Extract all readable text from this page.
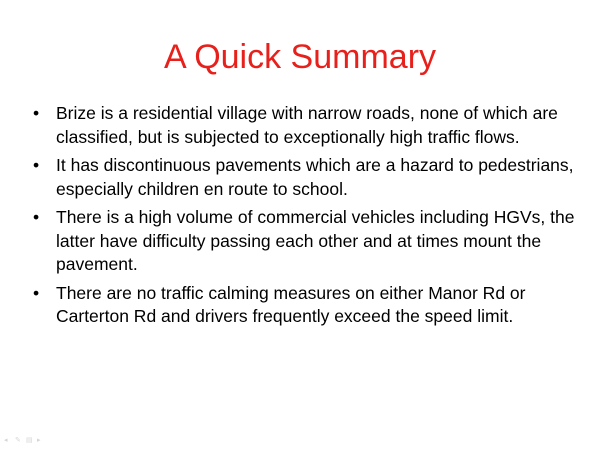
A Quick Summary
• Brize is a residential village with narrow roads, none of which are classified, but is subjected to exceptionally high traffic flows.
• It has discontinuous pavements which are a hazard to pedestrians, especially children en route to school.
• There is a high volume of commercial vehicles including HGVs, the latter have difficulty passing each other and at times mount the pavement.
• There are no traffic calming measures on either Manor Rd or Carterton Rd and drivers frequently exceed the speed limit.
◂	✎ ▤ ▸
